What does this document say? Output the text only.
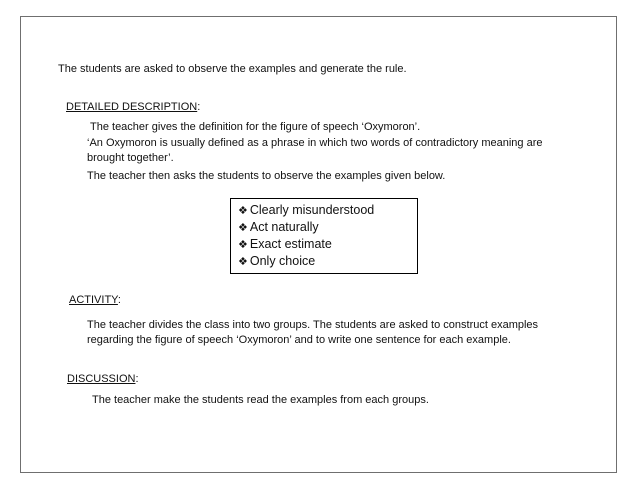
The students are asked to observe the examples and generate the rule.
DETAILED DESCRIPTION:
The teacher gives the definition for the figure of speech ‘Oxymoron’.
‘An Oxymoron is usually defined as a phrase in which two words of contradictory meaning are
brought together’.
The teacher then asks the students to observe the examples given below.
❖ Clearly misunderstood
❖ Act naturally
❖ Exact estimate
❖ Only choice
ACTIVITY:
The teacher divides the class into two groups. The students are asked to construct examples
regarding the figure of speech ‘Oxymoron’ and to write one sentence for each example.
DISCUSSION:
The teacher make the students read the examples from each groups.
